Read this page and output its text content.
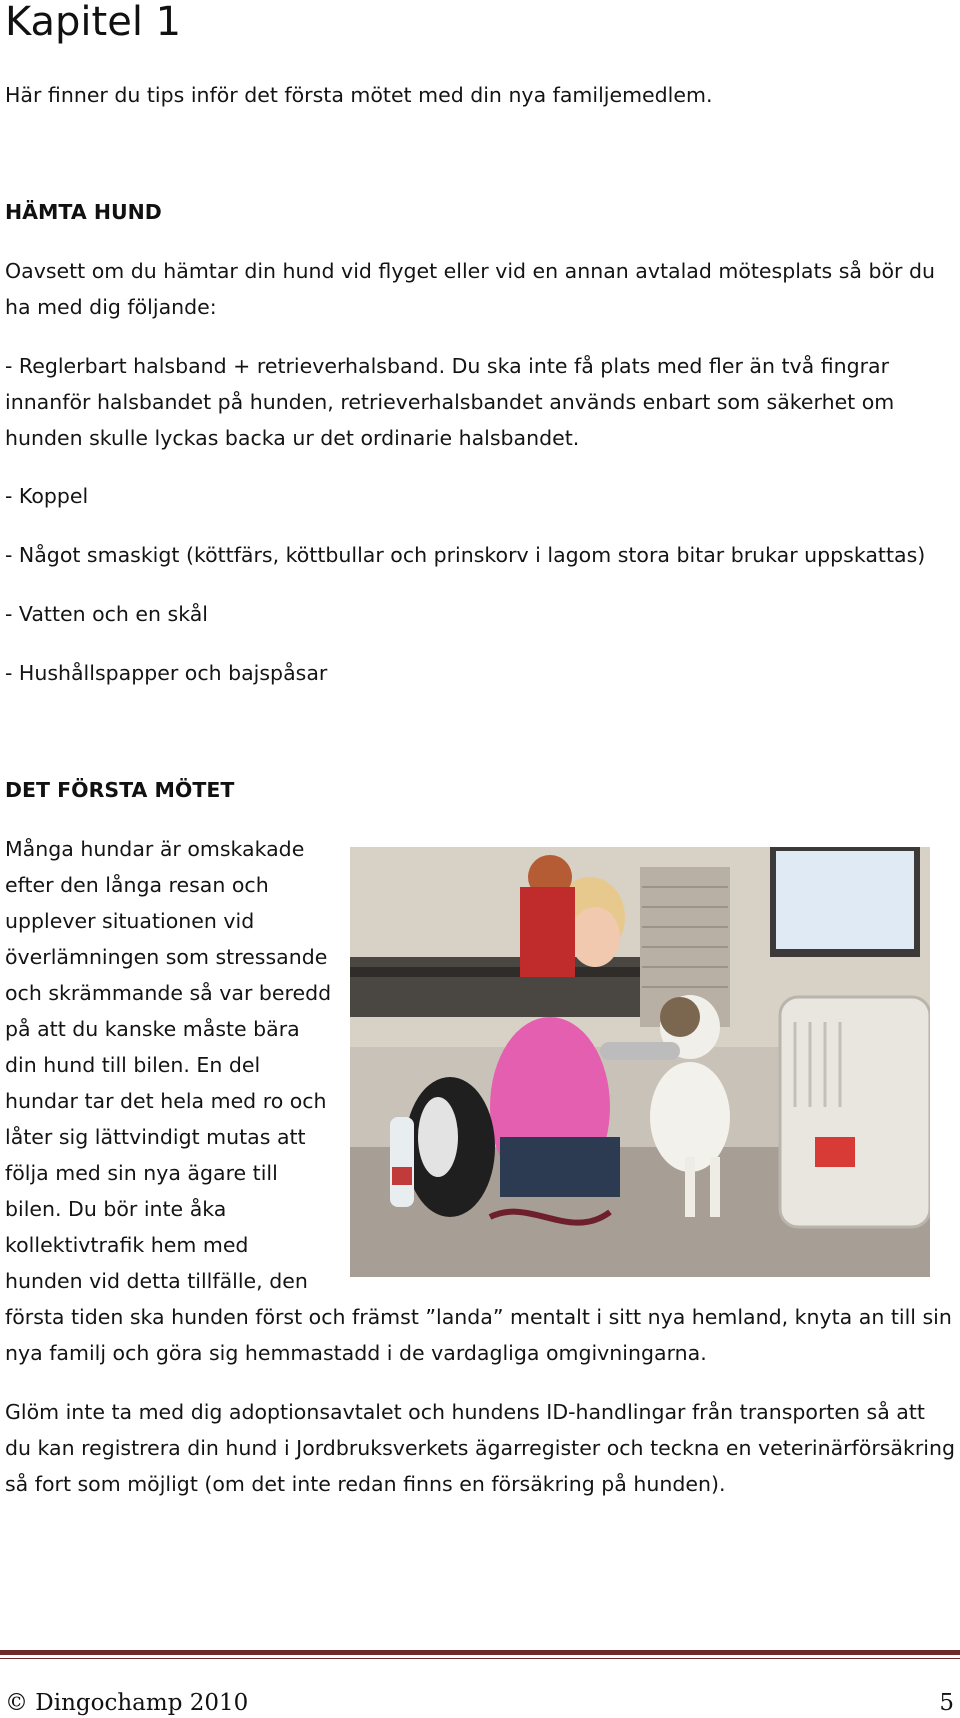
Kapitel 1

Här finner du tips inför det första mötet med din nya familjemedlem.

HÄMTA HUND

Oavsett om du hämtar din hund vid flyget eller vid en annan avtalad mötesplats så bör du ha med dig följande:

- Reglerbart halsband + retrieverhalsband. Du ska inte få plats med fler än två fingrar innanför halsbandet på hunden, retrieverhalsbandet används enbart som säkerhet om hunden skulle lyckas backa ur det ordinarie halsbandet.

- Koppel

- Något smaskigt (köttfärs, köttbullar och prinskorv i lagom stora bitar brukar uppskattas)

- Vatten och en skål

- Hushållspapper och bajspåsar

DET FÖRSTA MÖTET

Många hundar är omskakade
efter den långa resan och
upplever situationen vid
överlämningen som stressande
och skrämmande så var beredd
på att du kanske måste bära
din hund till bilen. En del
hundar tar det hela med ro och
låter sig lättvindigt mutas att
följa med sin nya ägare till
bilen. Du bör inte åka
kollektivtrafik hem med
hunden vid detta tillfälle, den

första tiden ska hunden först och främst ”landa” mentalt i sitt nya hemland, knyta an till sin nya familj och göra sig hemmastadd i de vardagliga omgivningarna.

Glöm inte ta med dig adoptionsavtalet och hundens ID-handlingar från transporten så att du kan registrera din hund i Jordbruksverkets ägarregister och teckna en veterinärförsäkring så fort som möjligt (om det inte redan finns en försäkring på hunden).

© Dingochamp 2010	5
